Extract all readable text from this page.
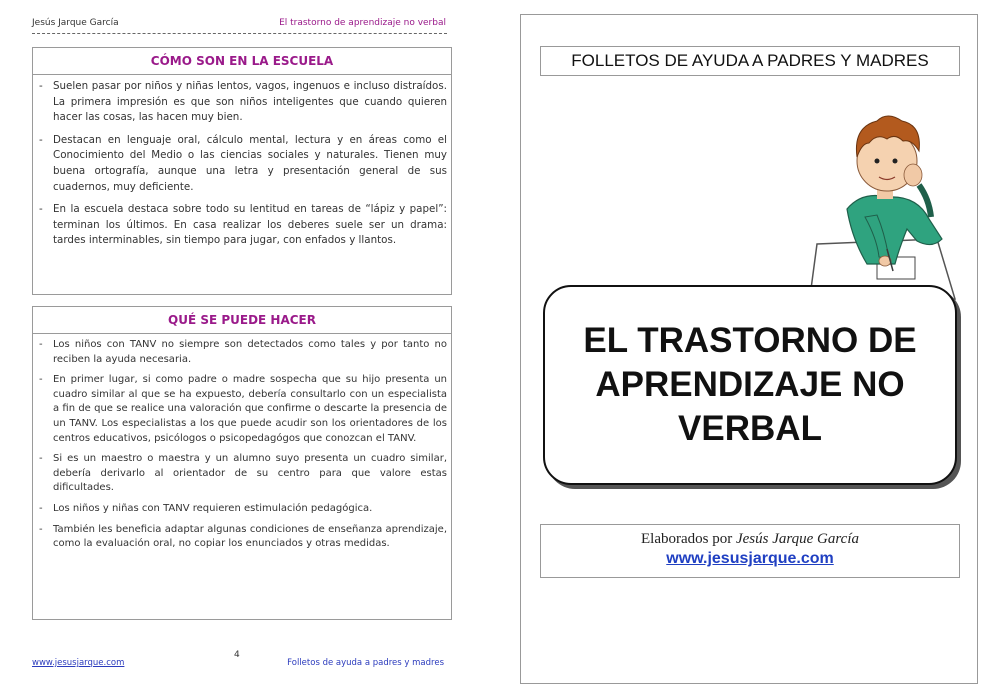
Jesús Jarque García	El trastorno de aprendizaje no verbal
CÓMO SON EN LA ESCUELA
- Suelen pasar por niños y niñas lentos, vagos, ingenuos e incluso distraídos. La primera impresión es que son niños inteligentes que cuando quieren hacer las cosas, las hacen muy bien.
- Destacan en lenguaje oral, cálculo mental, lectura y en áreas como el Conocimiento del Medio o las ciencias sociales y naturales. Tienen muy buena ortografía, aunque una letra y presentación general de sus cuadernos, muy deficiente.
- En la escuela destaca sobre todo su lentitud en tareas de “lápiz y papel”: terminan los últimos. En casa realizar los deberes suele ser un drama: tardes interminables, sin tiempo para jugar, con enfados y llantos.
QUÉ SE PUEDE HACER
- Los niños con TANV no siempre son detectados como tales y por tanto no reciben la ayuda necesaria.
- En primer lugar, si como padre o madre sospecha que su hijo presenta un cuadro similar al que se ha expuesto, debería consultarlo con un especialista a fin de que se realice una valoración que confirme o descarte la presencia de un TANV. Los especialistas a los que puede acudir son los orientadores de los centros educativos, psicólogos o psicopedagógos que conozcan el TANV.
- Si es un maestro o maestra y un alumno suyo presenta un cuadro similar, debería derivarlo al orientador de su centro para que valore estas dificultades.
- Los niños y niñas con TANV requieren estimulación pedagógica.
- También les beneficia adaptar algunas condiciones de enseñanza aprendizaje, como la evaluación oral, no copiar los enunciados y otras medidas.
4
www.jesusjarque.com	Folletos de ayuda a padres y madres
FOLLETOS DE AYUDA A PADRES Y MADRES
EL TRASTORNO DE
APRENDIZAJE NO
VERBAL
Elaborados por Jesús Jarque García
www.jesusjarque.com
